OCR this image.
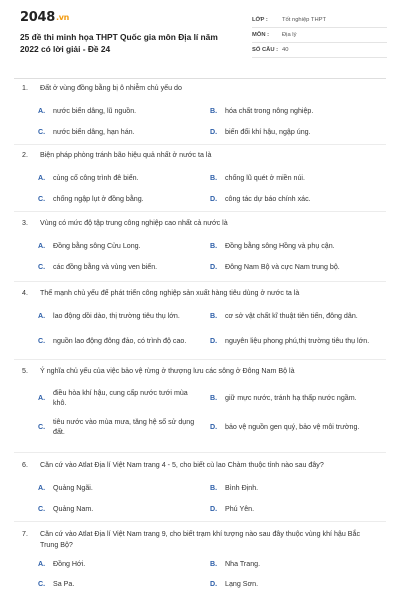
2048.vn
25 đề thi minh họa THPT Quốc gia môn Địa lí năm 2022 có lời giải - Đề 24
LỚP :	Tốt nghiệp THPT
MÔN :	Địa lý
SỐ CÂU : 40
1.	Đất ở vùng đồng bằng bị ô nhiễm chủ yếu do
A.	nước biển dâng, lũ nguồn.	B.	hóa chất trong nông nghiệp.
C.	nước biển dâng, hạn hán.	D.	biến đổi khí hậu, ngập úng.
2.	Biện pháp phòng tránh bão hiệu quả nhất ở nước ta là
A.	củng cố công trình đê biển.	B.	chống lũ quét ở miền núi.
C.	chống ngập lụt ở đồng bằng.	D.	công tác dự báo chính xác.
3.	Vùng có mức độ tập trung công nghiệp cao nhất cả nước là
A.	Đồng bằng sông Cửu Long.	B.	Đồng bằng sông Hồng và phụ cận.
C.	các đồng bằng và vùng ven biển.	D.	Đông Nam Bộ và cực Nam trung bộ.
4.	Thế mạnh chủ yếu để phát triển công nghiệp sản xuất hàng tiêu dùng ở nước ta là
A.	lao động dồi dào, thị trường tiêu thụ lớn.	B.	cơ sở vật chất kĩ thuật tiên tiến, đông dân.
C.	nguồn lao động đông đảo, có trình độ cao.	D.	nguyên liệu phong phú,thị trường tiêu thụ lớn.
5.	Ý nghĩa chủ yếu của việc bảo vệ rừng ở thượng lưu các sông ở Đông Nam Bộ là
A.
điều hòa khí hậu, cung cấp nước tưới mùa khô.
B.	giữ mực nước, tránh hạ thấp nước ngầm.
C.
tiêu nước vào mùa mưa, tăng hệ số sử dụng đất.
D.	bảo vệ nguồn gen quý, bảo vệ môi trường.
6.	Căn cứ vào Atlat Địa lí Việt Nam trang 4 - 5, cho biết cù lao Chàm thuộc tỉnh nào sau đây?
A.	Quảng Ngãi.	B.	Bình Định.
C.	Quảng Nam.	D.	Phú Yên.
7.	Căn cứ vào Atlat Địa lí Việt Nam trang 9, cho biết trạm khí tượng nào sau đây thuộc vùng khí hậu Bắc Trung Bộ?
A.	Đồng Hới.	B.	Nha Trang.
C.	Sa Pa.	D.	Lạng Sơn.
